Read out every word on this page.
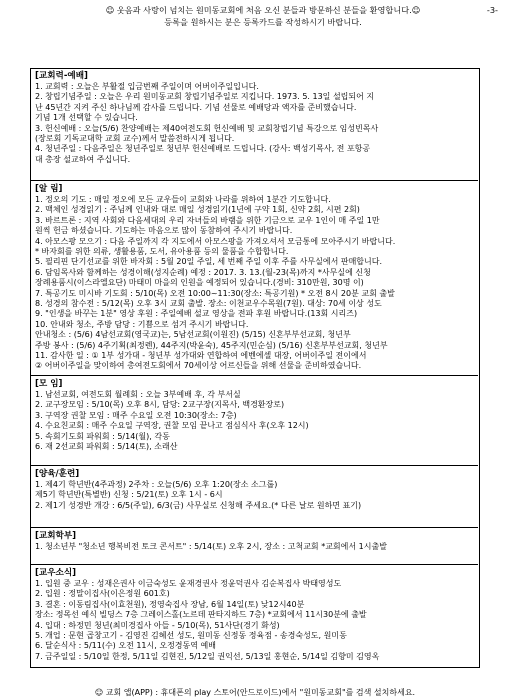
☺ 웃음과 사랑이 넘치는 원미동교회에 처음 오신 분들과 방문하신 분들을 환영합니다.☺
등록을 원하시는 분은 등록카드를 작성하시기 바랍니다.
-3-
[교회력-예배]
1. 교회력 : 오늘은 부활절 입금번째 주일이며 어버이주일입니다.
2. 창립기념주일 : 오늘은 우리 원미동교회 창립기념주일로 지킵니다. 1973. 5. 13일 설립되어 지
난 45년간 지켜 주신 하나님께 감사를 드립니다. 기념 선물로 예배당과 액자를 준비했습니다.
기념 1개 선택할 수 있습니다.
3. 헌신예배 : 오늘(5/6) 찬양예배는 제40여전도회 헌신예배 및 교회창립기념 특강으로 임성빈목사
(장로회 기독교대학 교회 교수)께서 말씀전하시게 됩니다.
4. 청년주일 : 다음주일은 청년주일로 청년부 헌신예배로 드립니다. (강사: 백성기목사, 전 포항공
대 총장 설교하여 주십니다.
[알 림]
1. 정오의 기도 : 매일 정오에 모든 교우들이 교회와 나라를 위하여 1분간 기도합니다.
2. 맥체인 성경읽기 : 주님께 인내와 대로 매일 성경읽기(1년에 구약 1회, 신약 2회, 시편 2회)
3. 바르트론 : 지역 사회와 다음세대의 우리 자녀들의 바램을 위한 기금으로 교우 1인이 매 주일 1만
원씩 헌금 하셨습니다. 기도하는 마음으로 많이 동참하여 주시기 바랍니다.
4. 아모스팡 모으기 : 다음 주일까지 각 지도에서 아모스팡을 가져오셔서 모금통에 모아주시기 바랍니다.
* 바자회를 위한 의류, 생활용품, 도서, 유아용품 등의 물품을 수합합니다.
5. 필리핀 단기선교를 위한 바자회 : 5월 20일 주일, 세 번째 주일 이후 주를 사무실에서 판매합니다.
6. 담임목사와 함께하는 성경이해(성지순례) 예정 : 2017. 3. 13.(월-23(목)까지 *사무실에 신청
장례용품시(이스라엘요단) 마태미 마을의 인원을 예정되어 있습니다.(경비: 310만원, 30명 이)
7. 특공기도 미시바 기도회 : 5/10(목) 오전 10:00~11:30(장소: 특공기원) * 오전 8시 20분 교회 출발
8. 성경의 참수전 : 5/12(목) 오후 3시 교회 출발. 장소: 이천교우수목원(7원). 대상: 70세 이상 성도
9. "인생을 바꾸는 1분" 영상 후원 : 주일예배 설교 영상을 전파 후원 바랍니다.(13회 시리즈)
10. 안내와 청소, 주방 담당 : 기쁨으로 섬겨 주시기 바랍니다.
안내청소 : (5/6) 4남선교회(영국교)는, 5남선교회(이원진) (5/15) 신혼부부선교회, 청년부
주방 봉사 : (5/6) 4주기획(최정렌), 44주지(박윤숙), 45주지(민순심) (5/16) 신혼부부선교회, 청년부
11. 감사한 일 : ① 1부 성가대 - 청년부 성가대와 연합하여 에벤에셀 대장, 어버이주일 전이에서
② 어버이주일을 맞이하여 총여전도회에서 70세이상 어르신들을 위해 선물을 준비하였습니다.
[모 임]
1. 남선교회, 여전도회 월례회 : 오늘 3부예배 후, 각 부서실
2. 교구장모임 : 5/10(목) 오후 8시, 담당: 2교구장(지목사, 백경환장로)
3. 구역장 권찰 모임 : 매주 수요일 오전 10:30(장소: 7층)
4. 수요친교회 : 매주 수요일 구역장, 권찰 모임 끝나고 점심식사 후(오후 12시)
5. 속회기도회 파워회 : 5/14(월), 각동
6. 재 2선교회 파워회 : 5/14(토), 소래산
[양육/훈련]
1. 제4기 학년반(4주과정) 2주차 : 오늘(5/6) 오후 1:20(장소 소그룹)
제5기 학년반(특별반) 신청 : 5/21(토) 오후 1시 - 6시
2. 제1기 성경반 개강 : 6/5(주일), 6/3(금) 사무실로 신청해 주세요.(* 다른 날로 원하면 표기)
[교회학부]
1. 청소년부 "청소년 행복비전 토크 콘서트" : 5/14(토) 오후 2시, 장소 : 고척교회 *교회에서 1시출발
[교우소식]
1. 입원 중 교우 : 성재은권사 이금숙성도 윤재경권사 정윤덕권사 김순복집사 박태영성도
2. 입원 : 정말이집사(이은정원 601호)
3. 결혼 : 이동림집사(이효천원), 정영숙집사 장남, 6월 14일(토) 낮12시40분
장소: 정목선 예식 빌딩스 7층 그레이스홀(노르데 판타지하드 7층) *교회에서 11시30분에 출발
4. 입대 : 하정민 청년(최미경집사 아들 - 5/10(목), 51사단(경기 화성)
5. 개업 : 문현 곱창고기 - 김영진 김혜선 성도, 원미동 신정동 정육점 - 송경숙성도, 원미동
6. 달순식사 : 5/11(수) 오전 11시, 오정경동역 예배
7. 금주일일 : 5/10일 한정, 5/11일 김현진, 5/12일 권익선, 5/13일 홍현순, 5/14일 김향미 김영옥
☺ 교회 앱(APP) : 휴대폰의 play 스토어(안드로이드)에서 "원미동교회"를 검색 설치하세요.
